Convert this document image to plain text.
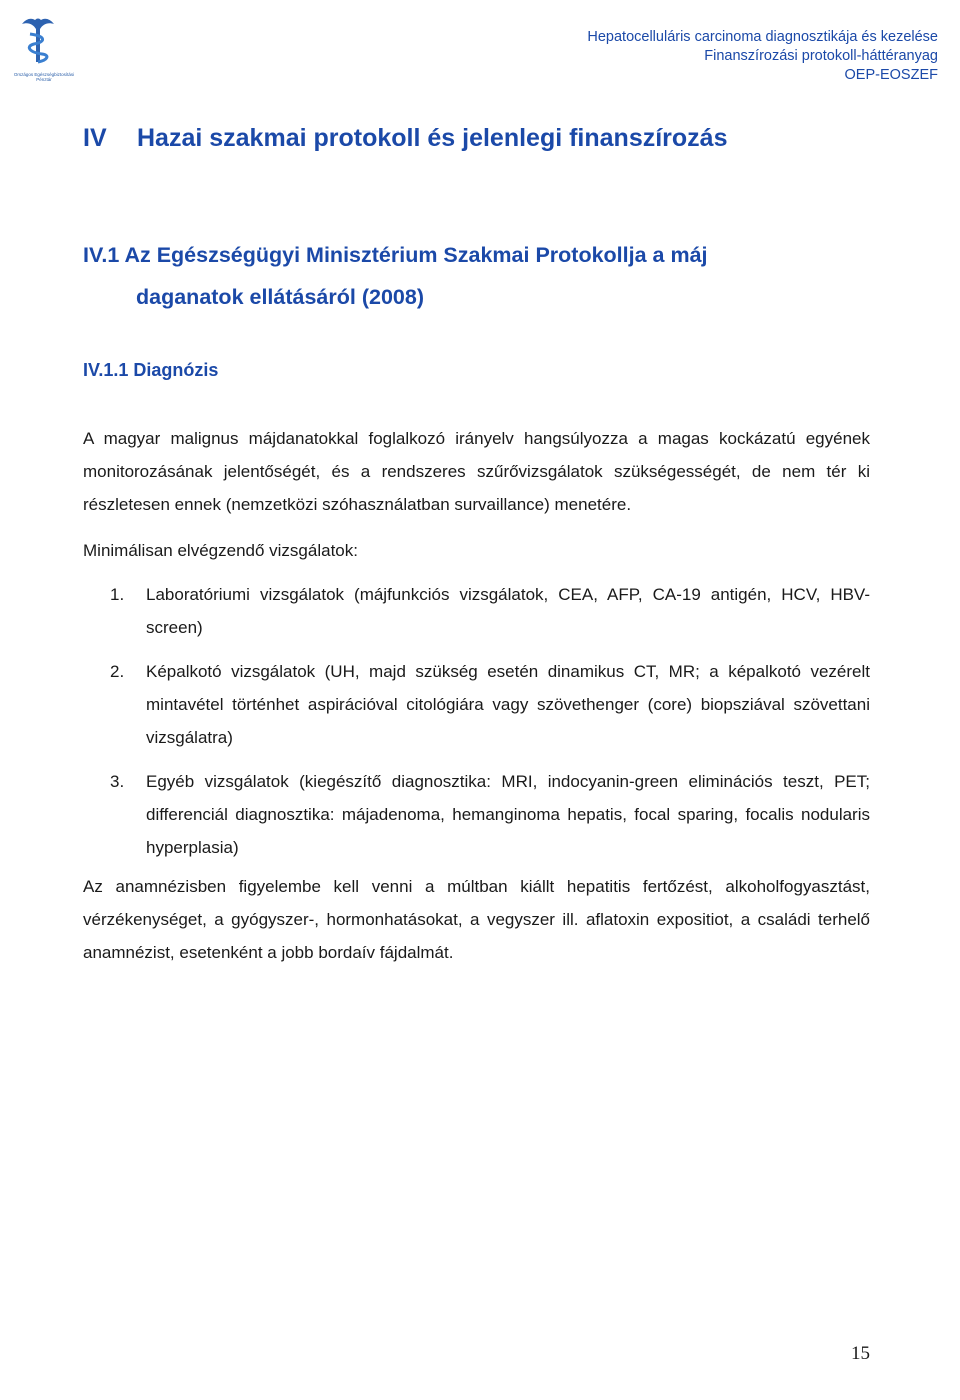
Országos Egészségbiztosítási Pénztár
Hepatocelluláris carcinoma diagnosztikája és kezelése
Finanszírozási protokoll-háttéranyag
OEP-EOSZEF
IV Hazai szakmai protokoll és jelenlegi finanszírozás
IV.1 Az Egészségügyi Minisztérium Szakmai Protokollja a máj
daganatok ellátásáról (2008)
IV.1.1 Diagnózis
A magyar malignus májdanatokkal foglalkozó irányelv hangsúlyozza a magas kockázatú egyének monitorozásának jelentőségét, és a rendszeres szűrővizsgálatok szükségességét, de nem tér ki részletesen ennek (nemzetközi szóhasználatban survaillance) menetére.
Minimálisan elvégzendő vizsgálatok:
1.	Laboratóriumi vizsgálatok (májfunkciós vizsgálatok, CEA, AFP, CA-19 antigén, HCV, HBV-screen)
2.	Képalkotó vizsgálatok (UH, majd szükség esetén dinamikus CT, MR; a képalkotó vezérelt mintavétel történhet aspirációval citológiára vagy szövethenger (core) biopsziával szövettani vizsgálatra)
3.	Egyéb vizsgálatok (kiegészítő diagnosztika: MRI, indocyanin-green eliminációs teszt, PET; differenciál diagnosztika: májadenoma, hemanginoma hepatis, focal sparing, focalis nodularis hyperplasia)
Az anamnézisben figyelembe kell venni a múltban kiállt hepatitis fertőzést, alkoholfogyasztást, vérzékenységet, a gyógyszer-, hormonhatásokat, a vegyszer ill. aflatoxin expositiot, a családi terhelő anamnézist, esetenként a jobb bordaív fájdalmát.
15
